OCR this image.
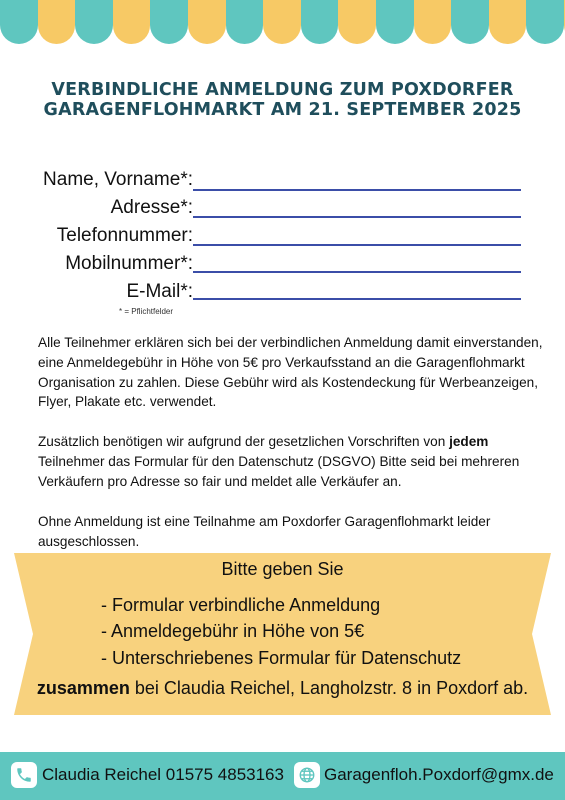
VERBINDLICHE ANMELDUNG ZUM POXDORFER
GARAGENFLOHMARKT AM 21. SEPTEMBER 2025
Name, Vorname*:
Adresse*:
Telefonnummer:
Mobilnummer*:
E-Mail*:
* = Pflichtfelder

Alle Teilnehmer erklären sich bei der verbindlichen Anmeldung damit einverstanden, eine Anmeldegebühr in Höhe von 5€ pro Verkaufsstand an die Garagenflohmarkt Organisation zu zahlen. Diese Gebühr wird als Kostendeckung für Werbeanzeigen, Flyer, Plakate etc. verwendet.

Zusätzlich benötigen wir aufgrund der gesetzlichen Vorschriften von jedem Teilnehmer das Formular für den Datenschutz (DSGVO) Bitte seid bei mehreren Verkäufern pro Adresse so fair und meldet alle Verkäufer an.

Ohne Anmeldung ist eine Teilnahme am Poxdorfer Garagenflohmarkt leider ausgeschlossen.

Bitte geben Sie
- Formular verbindliche Anmeldung
- Anmeldegebühr in Höhe von 5€
- Unterschriebenes Formular für Datenschutz
zusammen bei Claudia Reichel, Langholzstr. 8 in Poxdorf ab.
Claudia Reichel 01575 4853163 Garagenfloh.Poxdorf@gmx.de
